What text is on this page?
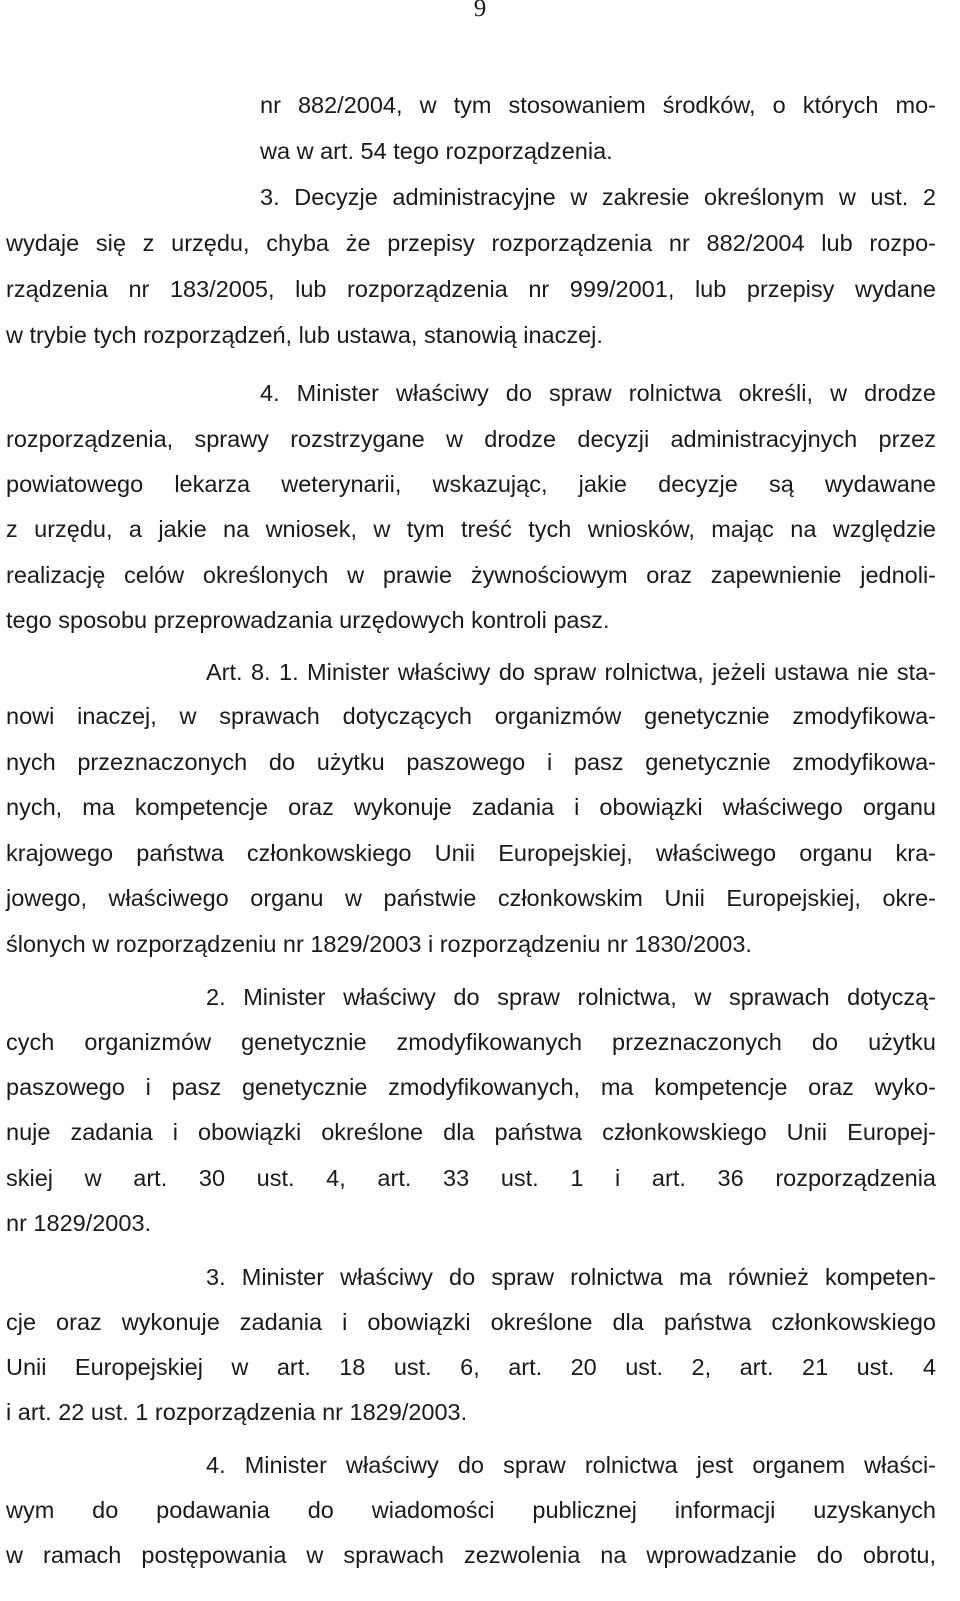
9
nr 882/2004, w tym stosowaniem środków, o których mo-
wa w art. 54 tego rozporządzenia.
3. Decyzje administracyjne w zakresie określonym w ust. 2
wydaje się z urzędu, chyba że przepisy rozporządzenia nr 882/2004 lub rozpo-
rządzenia nr 183/2005, lub rozporządzenia nr 999/2001, lub przepisy wydane
w trybie tych rozporządzeń, lub ustawa, stanowią inaczej.
4. Minister właściwy do spraw rolnictwa określi, w drodze
rozporządzenia, sprawy rozstrzygane w drodze decyzji administracyjnych przez
powiatowego lekarza weterynarii, wskazując, jakie decyzje są wydawane
z urzędu, a jakie na wniosek, w tym treść tych wniosków, mając na względzie
realizację celów określonych w prawie żywnościowym oraz zapewnienie jednoli-
tego sposobu przeprowadzania urzędowych kontroli pasz.
Art. 8. 1. Minister właściwy do spraw rolnictwa, jeżeli ustawa nie sta-
nowi inaczej, w sprawach dotyczących organizmów genetycznie zmodyfikowa-
nych przeznaczonych do użytku paszowego i pasz genetycznie zmodyfikowa-
nych, ma kompetencje oraz wykonuje zadania i obowiązki właściwego organu
krajowego państwa członkowskiego Unii Europejskiej, właściwego organu kra-
jowego, właściwego organu w państwie członkowskim Unii Europejskiej, okre-
ślonych w rozporządzeniu nr 1829/2003 i rozporządzeniu nr 1830/2003.
2. Minister właściwy do spraw rolnictwa, w sprawach dotyczą-
cych organizmów genetycznie zmodyfikowanych przeznaczonych do użytku
paszowego i pasz genetycznie zmodyfikowanych, ma kompetencje oraz wyko-
nuje zadania i obowiązki określone dla państwa członkowskiego Unii Europej-
skiej w art. 30 ust. 4, art. 33 ust. 1 i art. 36 rozporządzenia
nr 1829/2003.
3. Minister właściwy do spraw rolnictwa ma również kompeten-
cje oraz wykonuje zadania i obowiązki określone dla państwa członkowskiego
Unii Europejskiej w art. 18 ust. 6, art. 20 ust. 2, art. 21 ust. 4
i art. 22 ust. 1 rozporządzenia nr 1829/2003.
4. Minister właściwy do spraw rolnictwa jest organem właści-
wym do podawania do wiadomości publicznej informacji uzyskanych
w ramach postępowania w sprawach zezwolenia na wprowadzanie do obrotu,
